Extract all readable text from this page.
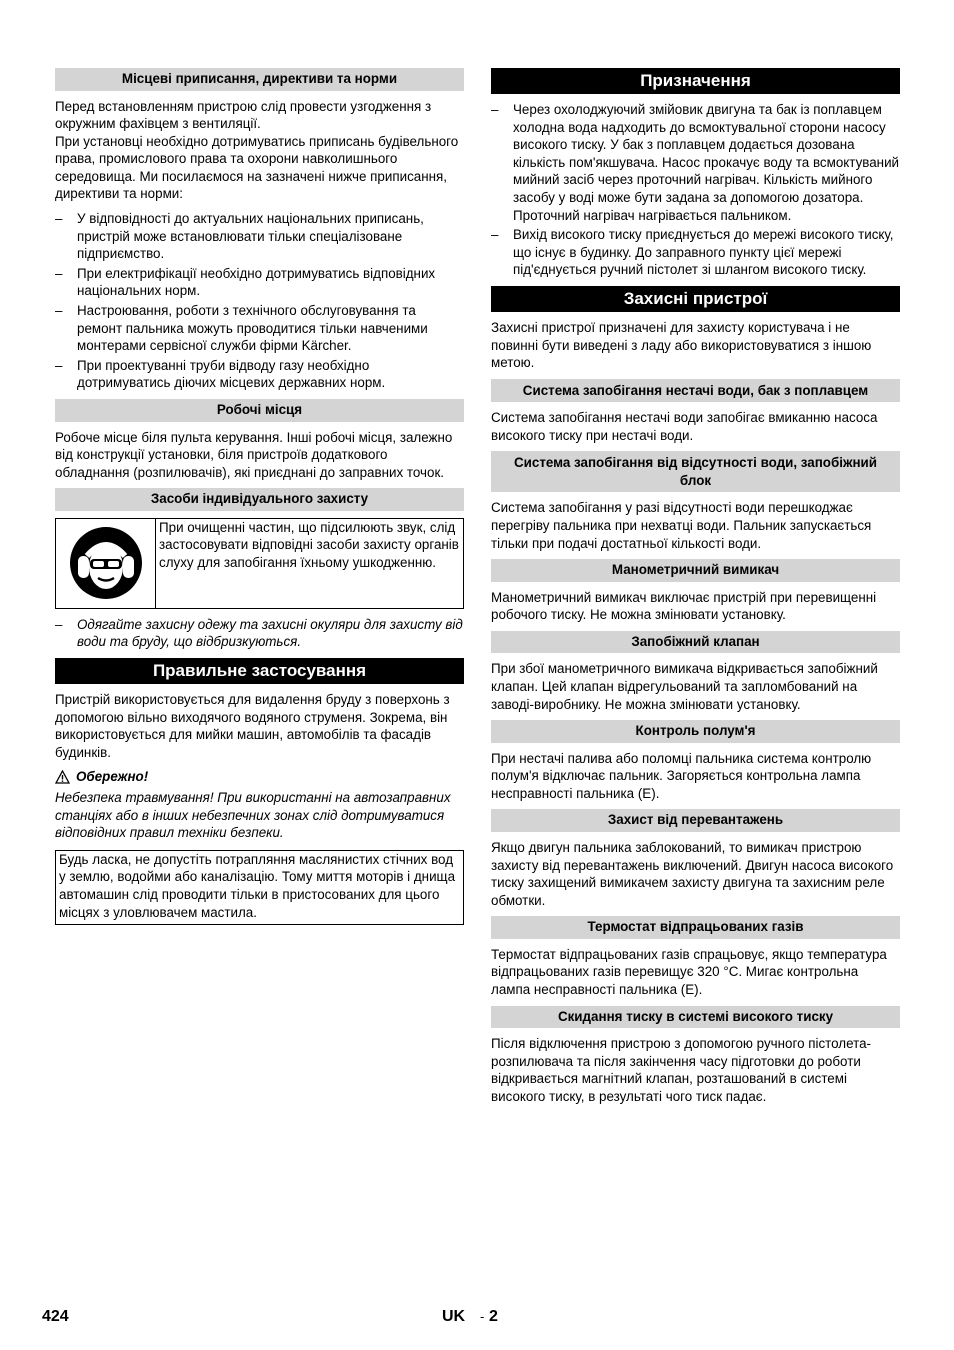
Місцеві приписання, директиви та норми

Перед встановленням пристрою слід провести узгодження з окружним фахівцем з вентиляції.

При установці необхідно дотримуватись приписань будівельного права, промислового права та охорони навколишнього середовища. Ми посилаємося на зазначені нижче приписання, директиви та норми:

– У відповідності до актуальних національних приписань, пристрій може встановлювати тільки спеціалізоване підприємство.
– При електрифікації необхідно дотримуватись відповідних національних норм.
– Настроювання, роботи з технічного обслуговування та ремонт пальника можуть проводитися тільки навченими монтерами сервісної служби фірми Kärcher.
– При проектуванні труби відводу газу необхідно дотримуватись діючих місцевих державних норм.
Робочі місця

Робоче місце біля пульта керування. Інші робочі місця, залежно від конструкції установки, біля пристроїв додаткового обладнання (розпилювачів), які приєднані до заправних точок.

Засоби індивідуального захисту
При очищенні частин, що підсилюють звук, слід застосовувати відповідні засоби захисту органів слуху для запобігання їхньому ушкодженню.
– Одягайте захисну одежу та захисні окуляри для захисту від води та бруду, що відбризкуються.
Правильне застосування

Пристрій використовується для видалення бруду з поверхонь з допомогою вільно виходячого водяного струменя. Зокрема, він використовується для мийки машин, автомобілів та фасадів будинків.

Обережно!

Небезпека травмування! При використанні на автозаправних станціях або в інших небезпечних зонах слід дотримуватися відповідних правил техніки безпеки.

Будь ласка, не допустіть потрапляння маслянистих стічних вод у землю, водойми або каналізацію. Тому миття моторів і днища автомашин слід проводити тільки в пристосованих для цього місцях з уловлювачем мастила.
Призначення
– Через охолоджуючий змійовик двигуна та бак із поплавцем холодна вода надходить до всмоктувальної сторони насосу високого тиску. У бак з поплавцем додається дозована кількість пом'якшувача. Насос прокачує воду та всмоктуваний мийний засіб через проточний нагрівач. Кількість мийного засобу у воді може бути задана за допомогою дозатора. Проточний нагрівач нагрівається пальником.
– Вихід високого тиску приєднується до мережі високого тиску, що існує в будинку. До заправного пункту цієї мережі під'єднується ручний пістолет зі шлангом високого тиску.
Захисні пристрої

Захисні пристрої призначені для захисту користувача і не повинні бути виведені з ладу або використовуватися з іншою метою.

Система запобігання нестачі води, бак з поплавцем

Система запобігання нестачі води запобігає вмиканню насоса високого тиску при нестачі води.

Система запобігання від відсутності води, запобіжний блок

Система запобігання у разі відсутності води перешкоджає перегріву пальника при нехватці води. Пальник запускається тільки при подачі достатньої кількості води.

Манометричний вимикач

Манометричний вимикач виключає пристрій при перевищенні робочого тиску. Не можна змінювати установку.

Запобіжний клапан

При збої манометричного вимикача відкривається запобіжний клапан. Цей клапан відрегульований та запломбований на заводі-виробнику. Не можна змінювати установку.

Контроль полум'я

При нестачі палива або поломці пальника система контролю полум'я відключає пальник. Загоряється контрольна лампа несправності пальника (E).

Захист від перевантажень

Якщо двигун пальника заблокований, то вимикач пристрою захисту від перевантажень виключений. Двигун насоса високого тиску захищений вимикачем захисту двигуна та захисним реле обмотки.

Термостат відпрацьованих газів

Термостат відпрацьованих газів спрацьовує, якщо температура відпрацьованих газів перевищує 320 °C. Мигає контрольна лампа несправності пальника (E).

Скидання тиску в системі високого тиску

Після відключення пристрою з допомогою ручного пістолета-розпилювача та після закінчення часу підготовки до роботи відкривається магнітний клапан, розташований в системі високого тиску, в результаті чого тиск падає.

424	UK - 2
